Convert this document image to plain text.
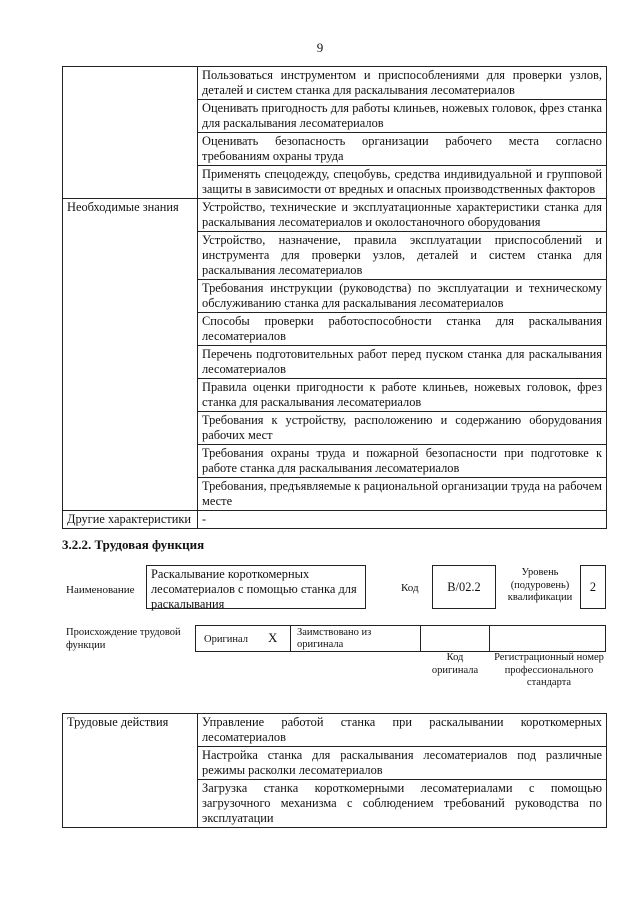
9
	Пользоваться инструментом и приспособлениями для проверки узлов, деталей и систем станка для раскалывания лесоматериалов
	Оценивать пригодность для работы клиньев, ножевых головок, фрез станка для раскалывания лесоматериалов
	Оценивать безопасность организации рабочего места согласно требованиям охраны труда
	Применять спецодежду, спецобувь, средства индивидуальной и групповой защиты в зависимости от вредных и опасных производственных факторов
Необходимые знания	Устройство, технические и эксплуатационные характеристики станка для раскалывания лесоматериалов и околостаночного оборудования
	Устройство, назначение, правила эксплуатации приспособлений и инструмента для проверки узлов, деталей и систем станка для раскалывания лесоматериалов
	Требования инструкции (руководства) по эксплуатации и техническому обслуживанию станка для раскалывания лесоматериалов
	Способы проверки работоспособности станка для раскалывания лесоматериалов
	Перечень подготовительных работ перед пуском станка для раскалывания лесоматериалов
	Правила оценки пригодности к работе клиньев, ножевых головок, фрез станка для раскалывания лесоматериалов
	Требования к устройству, расположению и содержанию оборудования рабочих мест
	Требования охраны труда и пожарной безопасности при подготовке к работе станка для раскалывания лесоматериалов
	Требования, предъявляемые к рациональной организации труда на рабочем месте
Другие характеристики	-
3.2.2. Трудовая функция
Наименование
Раскалывание короткомерных лесоматериалов с помощью станка для раскалывания
Код В/02.2
Уровень (подуровень) квалификации
2
Происхождение трудовой функции	Оригинал X	Заимствовано из оригинала
Код оригинала
Регистрационный номер профессионального стандарта
Трудовые действия	Управление работой станка при раскалывании короткомерных лесоматериалов
Настройка станка для раскалывания лесоматериалов под различные режимы расколки лесоматериалов
Загрузка станка короткомерными лесоматериалами с помощью загрузочного механизма с соблюдением требований руководства по эксплуатации
